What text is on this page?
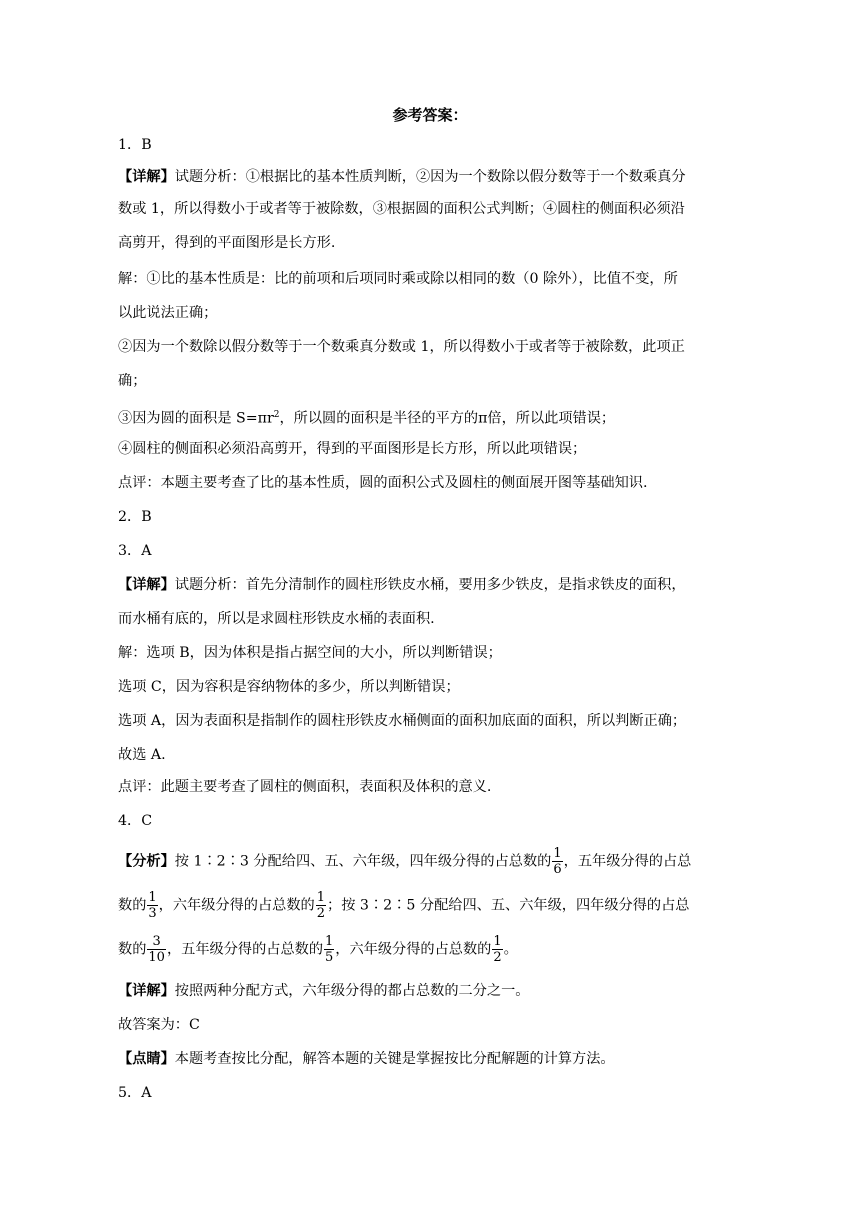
参考答案：
1．B
【详解】试题分析：①根据比的基本性质判断，②因为一个数除以假分数等于一个数乘真分
数或 1，所以得数小于或者等于被除数，③根据圆的面积公式判断；④圆柱的侧面积必须沿
高剪开，得到的平面图形是长方形.
解：①比的基本性质是：比的前项和后项同时乘或除以相同的数（0 除外），比值不变，所
以此说法正确；
②因为一个数除以假分数等于一个数乘真分数或 1，所以得数小于或者等于被除数，此项正
确；
③因为圆的面积是 $S=\pi r^2$，所以圆的面积是半径的平方的π倍，所以此项错误；
④圆柱的侧面积必须沿高剪开，得到的平面图形是长方形，所以此项错误；
点评：本题主要考查了比的基本性质，圆的面积公式及圆柱的侧面展开图等基础知识.
2．B
3．A
【详解】试题分析：首先分清制作的圆柱形铁皮水桶，要用多少铁皮，是指求铁皮的面积，
而水桶有底的，所以是求圆柱形铁皮水桶的表面积.
解：选项 B，因为体积是指占据空间的大小，所以判断错误；
选项 C，因为容积是容纳物体的多少，所以判断错误；
选项 A，因为表面积是指制作的圆柱形铁皮水桶侧面的面积加底面的面积，所以判断正确；
故选 A.
点评：此题主要考查了圆柱的侧面积，表面积及体积的意义.
4．C
【分析】按 1∶2∶3 分配给四、五、六年级，四年级分得的占总数的 $\frac{1}{6}$ ，五年级分得的占总
数的 $\frac{1}{3}$ ，六年级分得的占总数的 $\frac{1}{2}$ ；按 3∶2∶5 分配给四、五、六年级，四年级分得的占总
数的 $\frac{3}{10}$ ，五年级分得的占总数的 $\frac{1}{5}$ ，六年级分得的占总数的 $\frac{1}{2}$ 。
【详解】按照两种分配方式，六年级分得的都占总数的二分之一。
故答案为：C
【点睛】本题考查按比分配，解答本题的关键是掌握按比分配解题的计算方法。
5．A
